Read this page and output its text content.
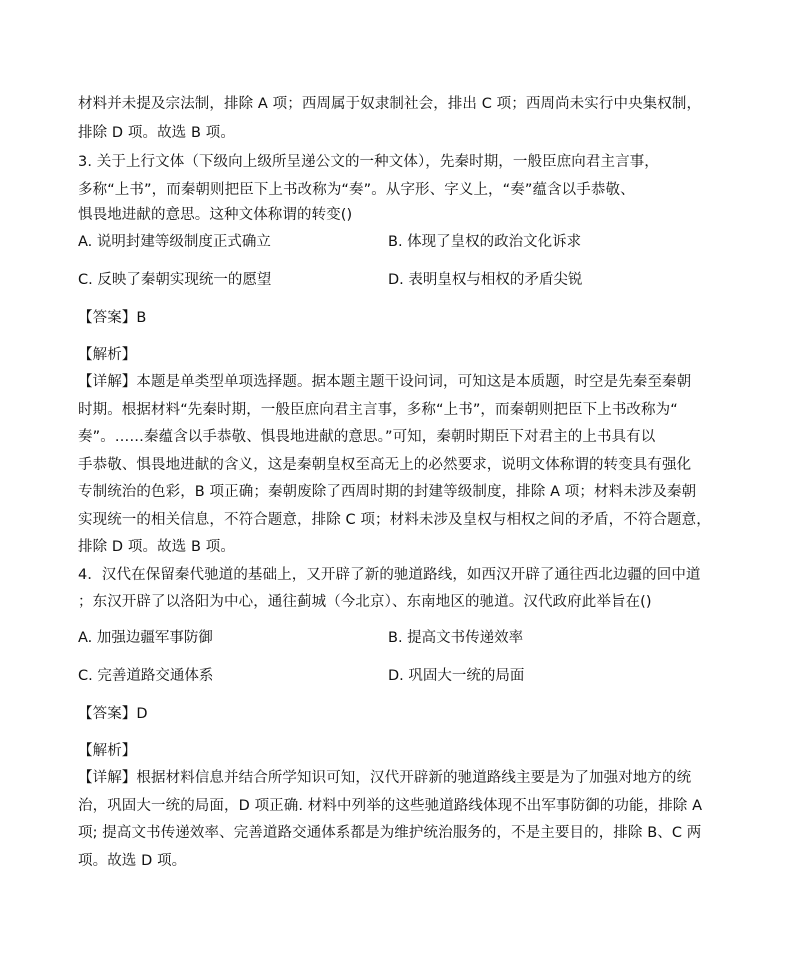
材料并未提及宗法制，排除 A 项；西周属于奴隶制社会，排出 C 项；西周尚未实行中央集权制，
排除 D 项。故选 B 项。
3. 关于上行文体（下级向上级所呈递公文的一种文体），先秦时期，一般臣庶向君主言事，
多称“上书”，而秦朝则把臣下上书改称为“奏”。从字形、字义上，“奏”蕴含以手恭敬、
惧畏地进献的意思。这种文体称谓的转变()
A. 说明封建等级制度正式确立	B. 体现了皇权的政治文化诉求
C. 反映了秦朝实现统一的愿望	D. 表明皇权与相权的矛盾尖锐
【答案】B
【解析】
【详解】本题是单类型单项选择题。据本题主题干设问词，可知这是本质题，时空是先秦至秦朝
时期。根据材料“先秦时期，一般臣庶向君主言事，多称“上书”，而秦朝则把臣下上书改称为“
奏”。……秦蕴含以手恭敬、惧畏地进献的意思。”可知，秦朝时期臣下对君主的上书具有以
手恭敬、惧畏地进献的含义，这是秦朝皇权至高无上的必然要求，说明文体称谓的转变具有强化
专制统治的色彩，B 项正确；秦朝废除了西周时期的封建等级制度，排除 A 项；材料未涉及秦朝
实现统一的相关信息，不符合题意，排除 C 项；材料未涉及皇权与相权之间的矛盾，不符合题意，
排除 D 项。故选 B 项。
4．汉代在保留秦代驰道的基础上，又开辟了新的驰道路线，如西汉开辟了通往西北边疆的回中道
；东汉开辟了以洛阳为中心，通往蓟城（今北京）、东南地区的驰道。汉代政府此举旨在()
A. 加强边疆军事防御	B. 提高文书传递效率
C. 完善道路交通体系	D. 巩固大一统的局面
【答案】D
【解析】
【详解】根据材料信息并结合所学知识可知，汉代开辟新的驰道路线主要是为了加强对地方的统
治，巩固大一统的局面，D 项正确. 材料中列举的这些驰道路线体现不出军事防御的功能，排除 A
项; 提高文书传递效率、完善道路交通体系都是为维护统治服务的，不是主要目的，排除 B、C 两
项。故选 D 项。
